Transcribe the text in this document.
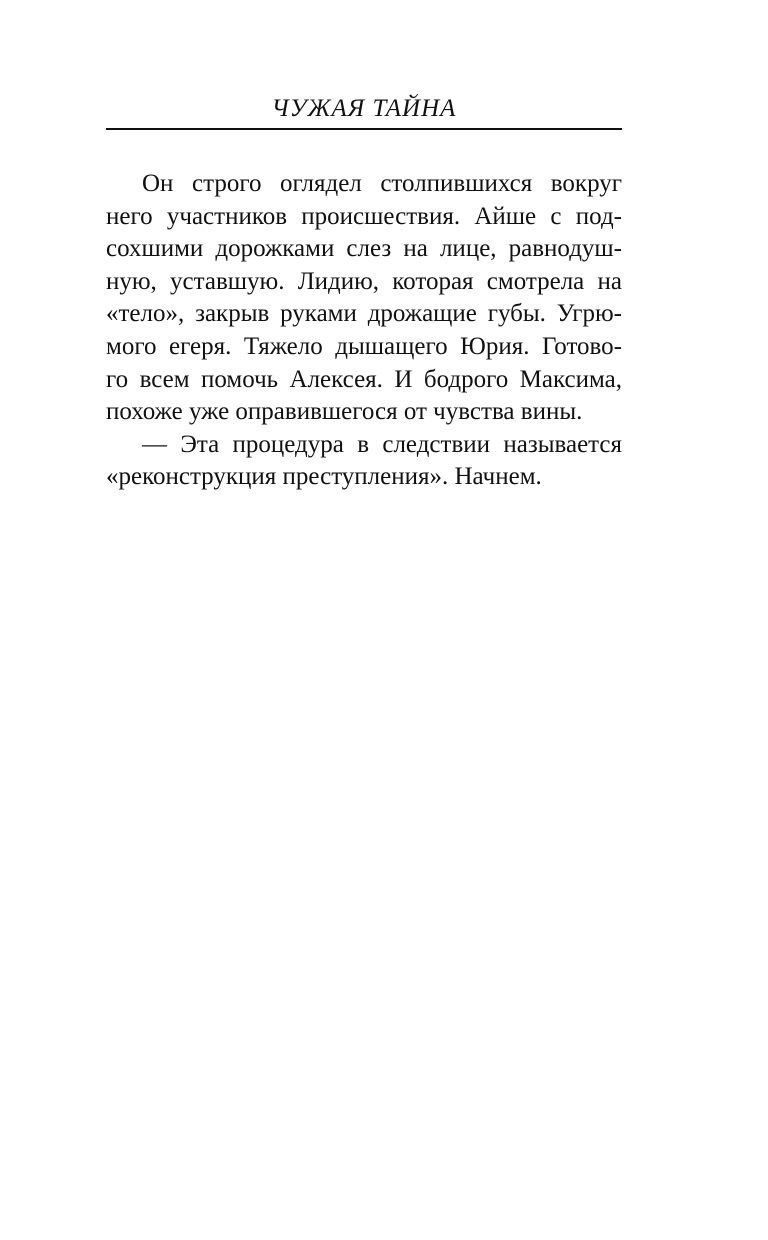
ЧУЖАЯ ТАЙНА
Он строго оглядел столпившихся вокруг
него участников происшествия. Айше с под-
сохшими дорожками слез на лице, равнодуш-
ную, уставшую. Лидию, которая смотрела на
«тело», закрыв руками дрожащие губы. Угрю-
мого егеря. Тяжело дышащего Юрия. Готово-
го всем помочь Алексея. И бодрого Максима,
похоже уже оправившегося от чувства вины.
— Эта процедура в следствии называется
«реконструкция преступления». Начнем.
